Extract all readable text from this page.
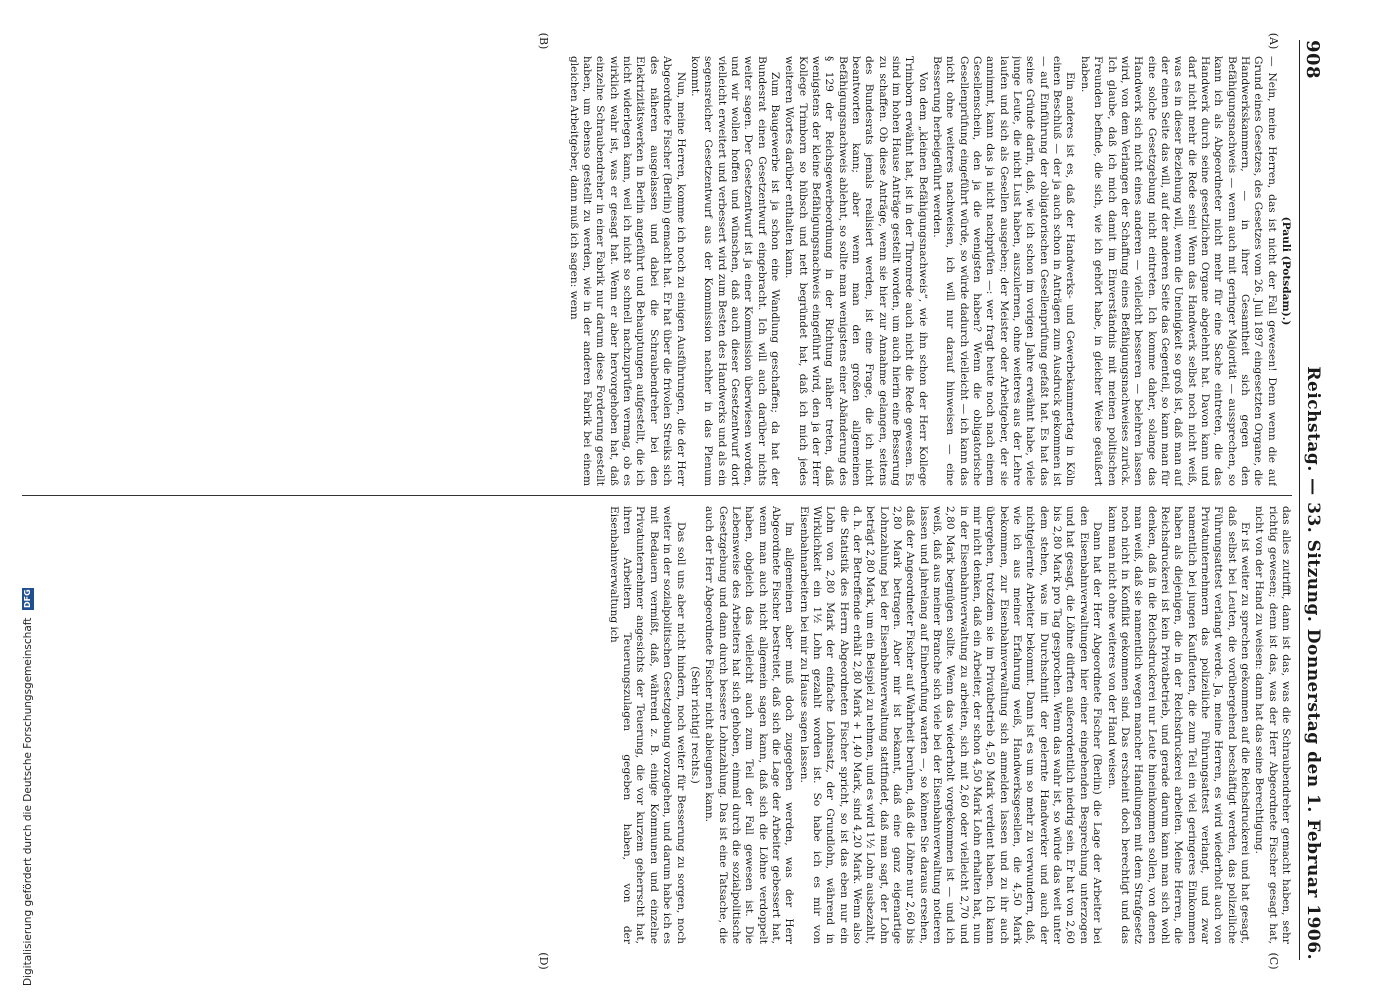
908
Reichstag. — 33. Sitzung. Donnerstag den 1. Februar 1906.
(A)
(B)
(C)
(D)

(Pauli (Potsdam).)

— Nein, meine Herren, das ist nicht der Fall gewesen! Denn wenn die auf Grund eines Gesetzes, des Gesetzes vom 26. Juli 1897 eingesetzten Organe, die Handwerkskammern, — in ihrer Gesamtheit sich gegen den Befähigungsnachweis — wenn auch mit geringer Majorität — aussprechen, so kann ich als Abgeordneter nicht mehr für eine Sache eintreten, die das Handwerk durch seine gesetzlichen Organe abgelehnt hat. Davon kann und darf nicht mehr die Rede sein! Wenn das Handwerk selbst noch nicht weiß, was es in dieser Beziehung will, wenn die Uneinigkeit so groß ist, daß man auf der einen Seite das will, auf der anderen Seite das Gegenteil, so kann man für eine solche Gesetzgebung nicht eintreten. Ich komme daher, solange das Handwerk sich nicht eines anderen — vielleicht besseren — belehren lassen wird, von dem Verlangen der Schaffung eines Befähigungsnachweises zurück. Ich glaube, daß ich mich damit im Einverständnis mit meinen politischen Freunden befinde, die sich, wie ich gehört habe, in gleicher Weise geäußert haben.

Ein anderes ist es, daß der Handwerks- und Gewerbekammertag in Köln einen Beschluß — der ja auch schon in Anträgen zum Ausdruck gekommen ist — auf Einführung der obligatorischen Gesellenprüfung gefaßt hat. Es hat das seine Gründe darin, daß, wie ich schon im vorigen Jahre erwähnt habe, viele junge Leute, die nicht Lust haben, auszulernen, ohne weiteres aus der Lehre laufen und sich als Gesellen ausgeben; der Meister oder Arbeitgeber, der sie annimmt, kann das ja nicht nachprüfen —: wer fragt heute noch nach einem Gesellenschein, den ja die wenigsten haben? Wenn die obligatorische Gesellenprüfung eingeführt würde, so würde dadurch vielleicht — ich kann das nicht ohne weiteres nachweisen, ich will nur darauf hinweisen — eine Besserung herbeigeführt werden.

Von dem „kleinen Befähigungsnachweis“, wie ihn schon der Herr Kollege Trimborn erwähnt hat, ist in der Thronrede auch nicht die Rede gewesen. Es sind im hohen Hause Anträge gestellt worden, um auch hierin eine Besserung zu schaffen. Ob diese Anträge, wenn sie hier zur Annahme gelangen, seitens des Bundesrats jemals realisiert werden, ist eine Frage, die ich nicht beantworten kann; aber wenn man den großen allgemeinen Befähigungsnachweis ablehnt, so sollte man wenigstens einer Abänderung des § 129 der Reichsgewerbeordnung in der Richtung näher treten, daß wenigstens der kleine Befähigungsnachweis eingeführt wird, den ja der Herr Kollege Trimborn so hübsch und nett begründet hat, daß ich mich jedes weiteren Wortes darüber enthalten kann.

Zum Baugewerbe ist ja schon eine Wandlung geschaffen; da hat der Bundesrat einen Gesetzentwurf eingebracht. Ich will auch darüber nichts weiter sagen. Der Gesetzentwurf ist ja einer Kommission überwiesen worden, und wir wollen hoffen und wünschen, daß auch dieser Gesetzentwurf dort vielleicht erweitert und verbessert wird zum Besten des Handwerks und als ein segensreicher Gesetzentwurf aus der Kommission nachher in das Plenum kommt.

Nun, meine Herren, komme ich noch zu einigen Ausführungen, die der Herr Abgeordnete Fischer (Berlin) gemacht hat. Er hat über die frivolen Streiks sich des näheren ausgelassen und dabei die Schraubendreher bei den Elektrizitätswerken in Berlin angeführt und Behauptungen aufgestellt, die ich nicht widerlegen kann, weil ich nicht so schnell nachzuprüfen vermag, ob es wirklich wahr ist, was er gesagt hat. Wenn er aber hervorgehoben hat, daß einzelne Schraubendreher in einer Fabrik nur darum diese Forderung gestellt haben, um ebenso gestellt zu werden, wie in der anderen Fabrik bei einem gleichen Arbeitgeber, dann muß ich sagen: wenn

das alles zutrifft, dann ist das, was die Schraubendreher gemacht haben, sehr richtig gewesen; denn ist das, was der Herr Abgeordnete Fischer gesagt hat, nicht von der Hand zu weisen: dann hat das seine Berechtigung.

Er ist weiter zu sprechen gekommen auf die Reichsdruckerei und hat gesagt, daß selbst bei Leuten, die vorübergehend beschäftigt werden, das polizeiliche Führungsattest verlangt werde. Ja, meine Herren, es wird wiederholt auch von Privatunternehmern das polizeiliche Führungsattest verlangt, und zwar namentlich bei jungen Kaufleuten, die zum Teil ein viel geringeres Einkommen haben als diejenigen, die in der Reichsdruckerei arbeiten. Meine Herren, die Reichsdruckerei ist kein Privatbetrieb, und gerade darum kann man sich wohl denken, daß in die Reichsdruckerei nur Leute hineinkommen sollen, von denen man weiß, daß sie namentlich wegen mancher Handlungen mit dem Strafgesetz noch nicht in Konflikt gekommen sind. Das erscheint doch berechtigt und das kann man nicht ohne weiteres von der Hand weisen.

Dann hat der Herr Abgeordnete Fischer (Berlin) die Lage der Arbeiter bei den Eisenbahnverwaltungen hier einer eingehenden Besprechung unterzogen und hat gesagt, die Löhne dürften außerordentlich niedrig sein. Er hat von 2,60 bis 2,80 Mark pro Tag gesprochen. Wenn das wahr ist, so würde das weit unter dem stehen, was im Durchschnitt der gelernte Handwerker und auch der nichtgelernte Arbeiter bekommt. Dann ist es um so mehr zu verwundern, daß, wie ich aus meiner Erfahrung weiß, Handwerksgesellen, die 4,50 Mark bekommen, zur Eisenbahnverwaltung sich anmelden lassen und zu ihr auch übergehen, trotzdem sie im Privatbetrieb 4,50 Mark verdient haben. Ich kann mir nicht denken, daß ein Arbeiter, der schon 4,50 Mark Lohn erhalten hat, nun in der Eisenbahnverwaltung zu arbeiten, sich mit 2,60 oder vielleicht 2,70 und 2,80 Mark begnügen sollte. Wenn das wiederholt vorgekommen ist — und ich weiß, daß aus meiner Branche sich viele bei der Eisenbahnverwaltung notieren lassen und jahrelang auf Einberufung warten —, so können Sie daraus ersehen, daß der Angeordneter Fischer auf Wahrheit beruhen, daß die Löhne nur 2,60 bis 2,80 Mark betragen. Aber mir ist bekannt, daß eine ganz eigenartige Lohnzahlung bei der Eisenbahnverwaltung stattfindet, daß man sagt, der Lohn beträgt 2,80 Mark, um ein Beispiel zu nehmen, und es wird 1½ Lohn ausbezahlt, d. h. der Betreffende erhält 2,80 Mark + 1,40 Mark, sind 4,20 Mark. Wenn also die Statistik des Herrn Abgeordneten Fischer spricht, so ist das eben nur ein Lohn von 2,80 Mark der einfache Lohnsatz, der Grundlohn, während in Wirklichkeit ein 1½ Lohn gezahlt worden ist. So habe ich es mir von Eisenbahnarbeitern bei mir zu Hause sagen lassen.

Im allgemeinen aber muß doch zugegeben werden, was der Herr Abgeordnete Fischer bestreitet, daß sich die Lage der Arbeiter gebessert hat, wenn man auch nicht allgemein sagen kann, daß sich die Löhne verdoppelt haben, obgleich das vielleicht auch zum Teil der Fall gewesen ist. Die Lebensweise des Arbeiters hat sich gehoben, einmal durch die sozialpolitische Gesetzgebung und dann durch bessere Lohnzahlung. Das ist eine Tatsache, die auch der Herr Abgeordnete Fischer nicht ableugnen kann.

(Sehr richtig! rechts.)

Das soll uns aber nicht hindern, noch weiter für Besserung zu sorgen, noch weiter in der sozialpolitischen Gesetzgebung vorzugehen, und darum habe ich es mit Bedauern vermißt, daß, während z. B. einige Kommunen und einzelne Privatunternehmer angesichts der Teuerung, die vor kurzem geherrscht hat, ihren Arbeitern Teuerungszulagen gegeben haben, von der Eisenbahnverwaltung ich

Digitalisierung gefördert durch die Deutsche Forschungsgemeinschaft
DFG
